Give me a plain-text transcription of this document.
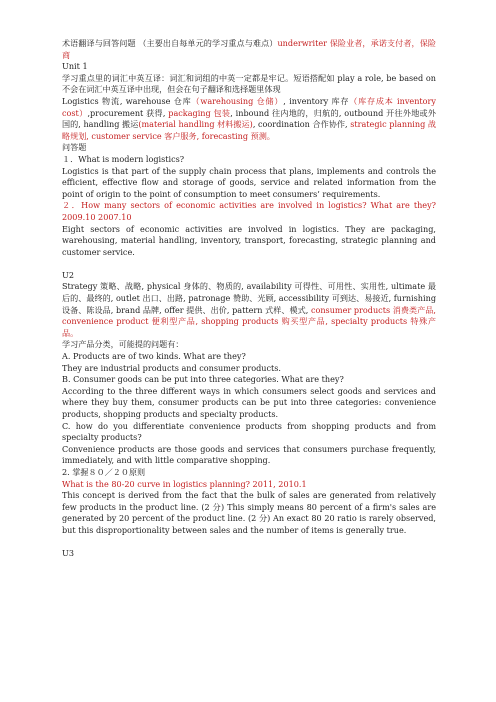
术语翻译与回答问题 （主要出自每单元的学习重点与难点）underwriter 保险业者，承诺支付者，保险商

Unit 1

学习重点里的词汇中英互译：词汇和词组的中英一定都是牢记。短语搭配如 play a role, be based on 不会在词汇中英互译中出现，但会在句子翻译和选择题里体现

Logistics 物流, warehouse 仓库（warehousing 仓储）, inventory 库存（库存成本 inventory cost）,procurement 获得, packaging 包装, inbound 往内地的，归航的, outbound 开往外地或外国的, handling 搬运(material handling 材料搬运), coordination 合作协作, strategic planning 战略规划, customer service 客户服务, forecasting 预测。

问答题

１．What is modern logistics?

Logistics is that part of the supply chain process that plans, implements and controls the efficient, effective flow and storage of goods, service and related information from the point of origin to the point of consumption to meet consumers’ requirements.

２．How many sectors of economic activities are involved in logistics? What are they? 2009.10 2007.10

Eight sectors of economic activities are involved in logistics. They are packaging, warehousing, material handling, inventory, transport, forecasting, strategic planning and customer service.

U2

Strategy 策略、战略, physical 身体的、物质的, availability 可得性、可用性、实用性, ultimate 最后的、最终的, outlet 出口、出路, patronage 赞助、光顾, accessibility 可到达、易接近, furnishing 设备、陈设品, brand 品牌, offer 提供、出价, pattern 式样、模式, consumer products 消费类产品, convenience product 便利型产品, shopping products 购买型产品, specialty products 特殊产品。

学习产品分类，可能提的问题有：

A. Products are of two kinds. What are they?

They are industrial products and consumer products.

B. Consumer goods can be put into three categories. What are they?

According to the three different ways in which consumers select goods and services and where they buy them, consumer products can be put into three categories: convenience products, shopping products and specialty products.

C. how do you differentiate convenience products from shopping products and from specialty products?

Convenience products are those goods and services that consumers purchase frequently, immediately, and with little comparative shopping.

2. 掌握８０／２０原则

What is the 80-20 curve in logistics planning? 2011, 2010.1

This concept is derived from the fact that the bulk of sales are generated from relatively few products in the product line. (2 分) This simply means 80 percent of a firm's sales are generated by 20 percent of the product line. (2 分) An exact 80 20 ratio is rarely observed, but this disproportionality between sales and the number of items is generally true.

U3
